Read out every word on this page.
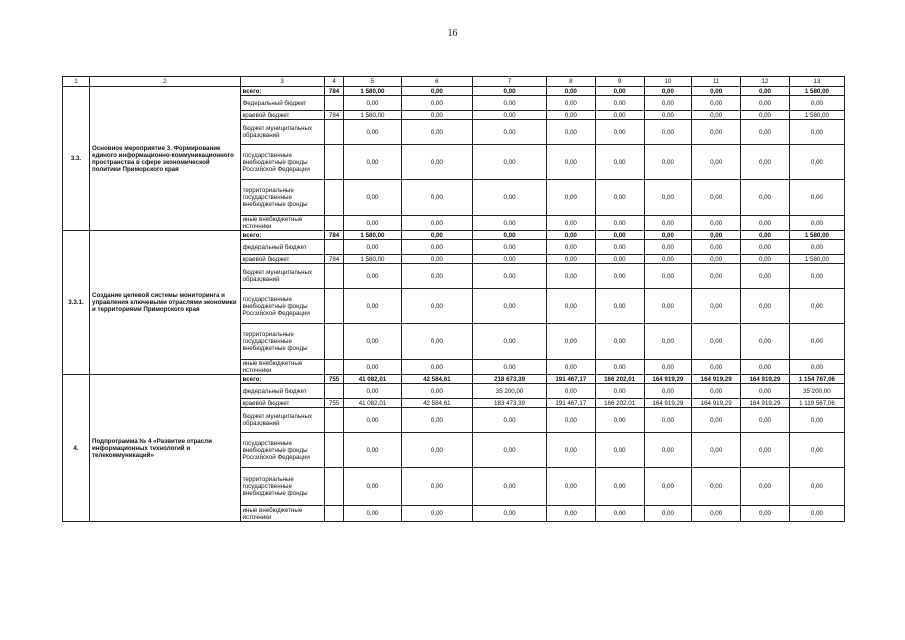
16
1	2	3	4	5	6	7	8	9	10	11	12	13
3.3.	Основное мероприятие 3. Формирование единого информационно-коммуникационного пространства в сфере экономической политики Приморского края	всего:	784	1 580,00	0,00	0,00	0,00	0,00	0,00	0,00	0,00	1 580,00
		Федеральный бюджет		0,00	0,00	0,00	0,00	0,00	0,00	0,00	0,00	0,00
		краевой бюджет	784	1 580,00	0,00	0,00	0,00	0,00	0,00	0,00	0,00	1 580,00
		бюджет муниципальных образований		0,00	0,00	0,00	0,00	0,00	0,00	0,00	0,00	0,00
		государственные внебюджетные фонды Российской Федерации		0,00	0,00	0,00	0,00	0,00	0,00	0,00	0,00	0,00
		территориальные государственные внебюджетные фонды		0,00	0,00	0,00	0,00	0,00	0,00	0,00	0,00	0,00
		иные внебюджетные источники		0,00	0,00	0,00	0,00	0,00	0,00	0,00	0,00	0,00
3.3.1.	Создание целевой системы мониторинга и управления ключевыми отраслями экономики и территориями Приморского края	всего:	784	1 580,00	0,00	0,00	0,00	0,00	0,00	0,00	0,00	1 580,00
		федеральный бюджет		0,00	0,00	0,00	0,00	0,00	0,00	0,00	0,00	0,00
		краевой бюджет	784	1 580,00	0,00	0,00	0,00	0,00	0,00	0,00	0,00	1 580,00
		бюджет муниципальных образований		0,00	0,00	0,00	0,00	0,00	0,00	0,00	0,00	0,00
		государственные внебюджетные фонды Российской Федерации		0,00	0,00	0,00	0,00	0,00	0,00	0,00	0,00	0,00
		территориальные государственные внебюджетные фонды		0,00	0,00	0,00	0,00	0,00	0,00	0,00	0,00	0,00
		иные внебюджетные источники		0,00	0,00	0,00	0,00	0,00	0,00	0,00	0,00	0,00
4.	Подпрограмма № 4 «Развитие отрасли информационных технологий и телекоммуникаций»	всего:	755	41 082,01	42 584,61	218 673,39	191 467,17	166 202,01	164 919,29	164 919,29	164 919,29	1 154 767,06
		федеральный бюджет		0,00	0,00	35 200,00	0,00	0,00	0,00	0,00	0,00	35 200,00
		краевой бюджет	755	41 082,01	42 584,61	183 473,39	191 467,17	166 202,01	164 919,29	164 919,29	164 919,29	1 119 567,06
		бюджет муниципальных образований		0,00	0,00	0,00	0,00	0,00	0,00	0,00	0,00	0,00
		государственные внебюджетные фонды Российской Федерации		0,00	0,00	0,00	0,00	0,00	0,00	0,00	0,00	0,00
		территориальные государственные внебюджетные фонды		0,00	0,00	0,00	0,00	0,00	0,00	0,00	0,00	0,00
		иные внебюджетные источники		0,00	0,00	0,00	0,00	0,00	0,00	0,00	0,00	0,00
